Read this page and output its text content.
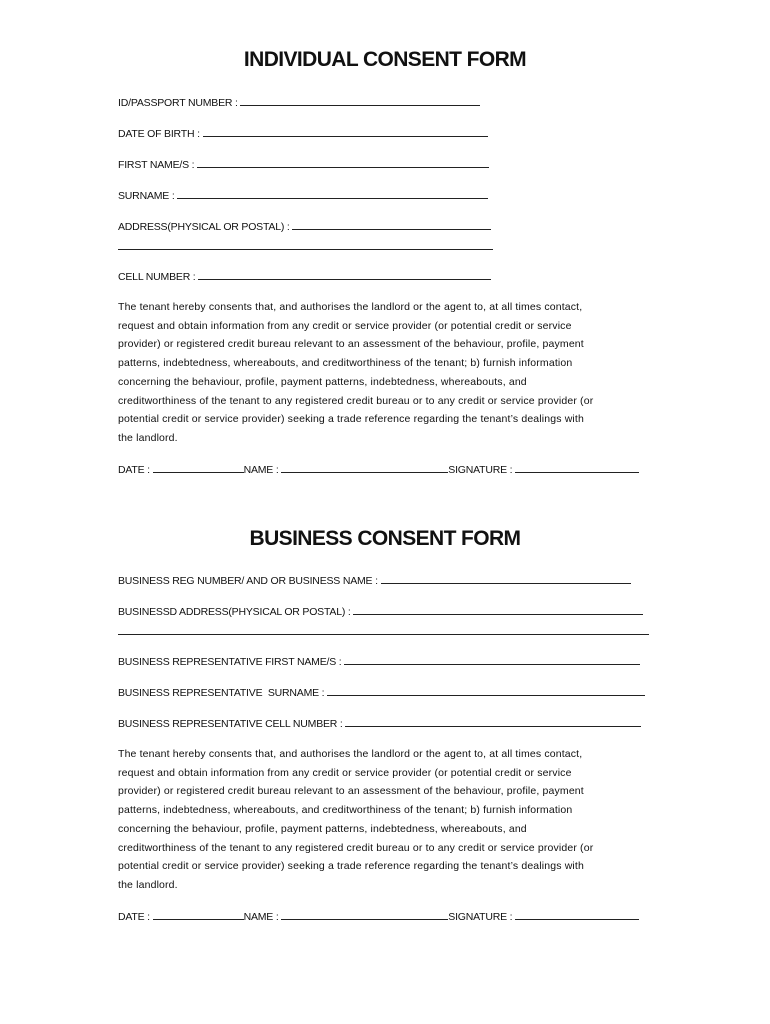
INDIVIDUAL CONSENT FORM
ID/PASSPORT NUMBER :
DATE OF BIRTH :
FIRST NAME/S :
SURNAME :
ADDRESS(PHYSICAL OR POSTAL) :
CELL NUMBER :
The tenant hereby consents that, and authorises the landlord or the agent to, at all times contact,
request and obtain information from any credit or service provider (or potential credit or service
provider) or registered credit bureau relevant to an assessment of the behaviour, profile, payment
patterns, indebtedness, whereabouts, and creditworthiness of the tenant; b) furnish information
concerning the behaviour, profile, payment patterns, indebtedness, whereabouts, and
creditworthiness of the tenant to any registered credit bureau or to any credit or service provider (or
potential credit or service provider) seeking a trade reference regarding the tenant’s dealings with
the landlord.
DATE :	NAME :	SIGNATURE :
BUSINESS CONSENT FORM
BUSINESS REG NUMBER/ AND OR BUSINESS NAME :
BUSINESSD ADDRESS(PHYSICAL OR POSTAL) :
BUSINESS REPRESENTATIVE FIRST NAME/S :
BUSINESS REPRESENTATIVE  SURNAME :
BUSINESS REPRESENTATIVE CELL NUMBER :
The tenant hereby consents that, and authorises the landlord or the agent to, at all times contact,
request and obtain information from any credit or service provider (or potential credit or service
provider) or registered credit bureau relevant to an assessment of the behaviour, profile, payment
patterns, indebtedness, whereabouts, and creditworthiness of the tenant; b) furnish information
concerning the behaviour, profile, payment patterns, indebtedness, whereabouts, and
creditworthiness of the tenant to any registered credit bureau or to any credit or service provider (or
potential credit or service provider) seeking a trade reference regarding the tenant’s dealings with
the landlord.
DATE :	NAME :	SIGNATURE :
